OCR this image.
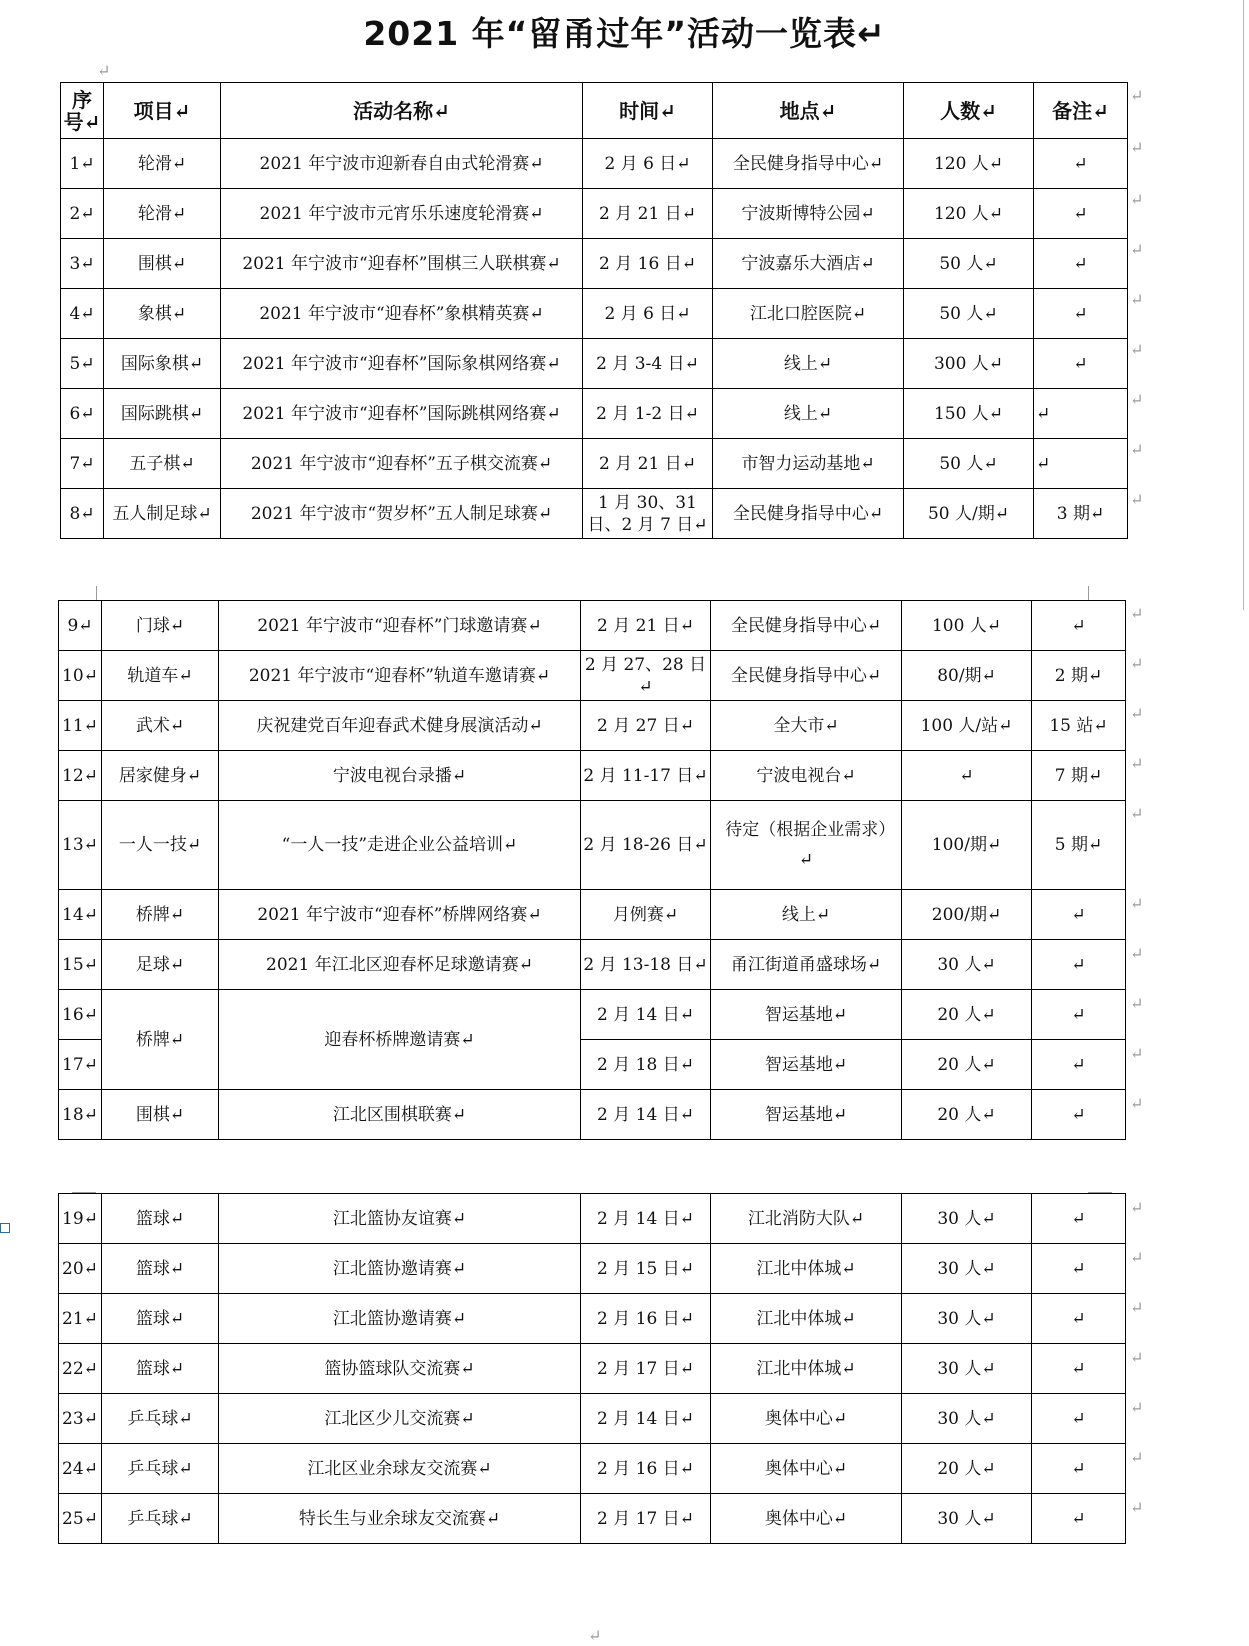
2021 年“留甬过年”活动一览表↵
↵
序号↵	项目↵	活动名称↵	时间↵	地点↵	人数↵	备注↵
1↵	轮滑↵	2021 年宁波市迎新春自由式轮滑赛↵	2 月 6 日↵	全民健身指导中心↵	120 人↵	↵
2↵	轮滑↵	2021 年宁波市元宵乐乐速度轮滑赛↵	2 月 21 日↵	宁波斯博特公园↵	120 人↵	↵
3↵	围棋↵	2021 年宁波市“迎春杯”围棋三人联棋赛↵	2 月 16 日↵	宁波嘉乐大酒店↵	50 人↵	↵
4↵	象棋↵	2021 年宁波市“迎春杯”象棋精英赛↵	2 月 6 日↵	江北口腔医院↵	50 人↵	↵
5↵	国际象棋↵	2021 年宁波市“迎春杯”国际象棋网络赛↵	2 月 3-4 日↵	线上↵	300 人↵	↵
6↵	国际跳棋↵	2021 年宁波市“迎春杯”国际跳棋网络赛↵	2 月 1-2 日↵	线上↵	150 人↵	↵
7↵	五子棋↵	2021 年宁波市“迎春杯”五子棋交流赛↵	2 月 21 日↵	市智力运动基地↵	50 人↵	↵
8↵	五人制足球↵	2021 年宁波市“贺岁杯”五人制足球赛↵	1 月 30、31 日、2 月 7 日↵	全民健身指导中心↵	50 人/期↵	3 期↵
9↵	门球↵	2021 年宁波市“迎春杯”门球邀请赛↵	2 月 21 日↵	全民健身指导中心↵	100 人↵	↵
10↵	轨道车↵	2021 年宁波市“迎春杯”轨道车邀请赛↵	2 月 27、28 日↵	全民健身指导中心↵	80/期↵	2 期↵
11↵	武术↵	庆祝建党百年迎春武术健身展演活动↵	2 月 27 日↵	全大市↵	100 人/站↵	15 站↵
12↵	居家健身↵	宁波电视台录播↵	2 月 11-17 日↵	宁波电视台↵	↵	7 期↵
13↵	一人一技↵	“一人一技”走进企业公益培训↵	2 月 18-26 日↵	待定（根据企业需求）↵	100/期↵	5 期↵
14↵	桥牌↵	2021 年宁波市“迎春杯”桥牌网络赛↵	月例赛↵	线上↵	200/期↵	↵
15↵	足球↵	2021 年江北区迎春杯足球邀请赛↵	2 月 13-18 日↵	甬江街道甬盛球场↵	30 人↵	↵
16↵	桥牌↵	迎春杯桥牌邀请赛↵	2 月 14 日↵	智运基地↵	20 人↵	↵
17↵			2 月 18 日↵	智运基地↵	20 人↵	↵
18↵	围棋↵	江北区围棋联赛↵	2 月 14 日↵	智运基地↵	20 人↵	↵
19↵	篮球↵	江北篮协友谊赛↵	2 月 14 日↵	江北消防大队↵	30 人↵	↵
20↵	篮球↵	江北篮协邀请赛↵	2 月 15 日↵	江北中体城↵	30 人↵	↵
21↵	篮球↵	江北篮协邀请赛↵	2 月 16 日↵	江北中体城↵	30 人↵	↵
22↵	篮球↵	篮协篮球队交流赛↵	2 月 17 日↵	江北中体城↵	30 人↵	↵
23↵	乒乓球↵	江北区少儿交流赛↵	2 月 14 日↵	奥体中心↵	30 人↵	↵
24↵	乒乓球↵	江北区业余球友交流赛↵	2 月 16 日↵	奥体中心↵	20 人↵	↵
25↵	乒乓球↵	特长生与业余球友交流赛↵	2 月 17 日↵	奥体中心↵	30 人↵	↵
↵
↵
↵
↵
↵
↵
↵
↵
↵
↵
↵
↵
↵
↵
↵
↵
↵
↵
↵
↵
↵
↵
↵
↵
↵
↵
↵
